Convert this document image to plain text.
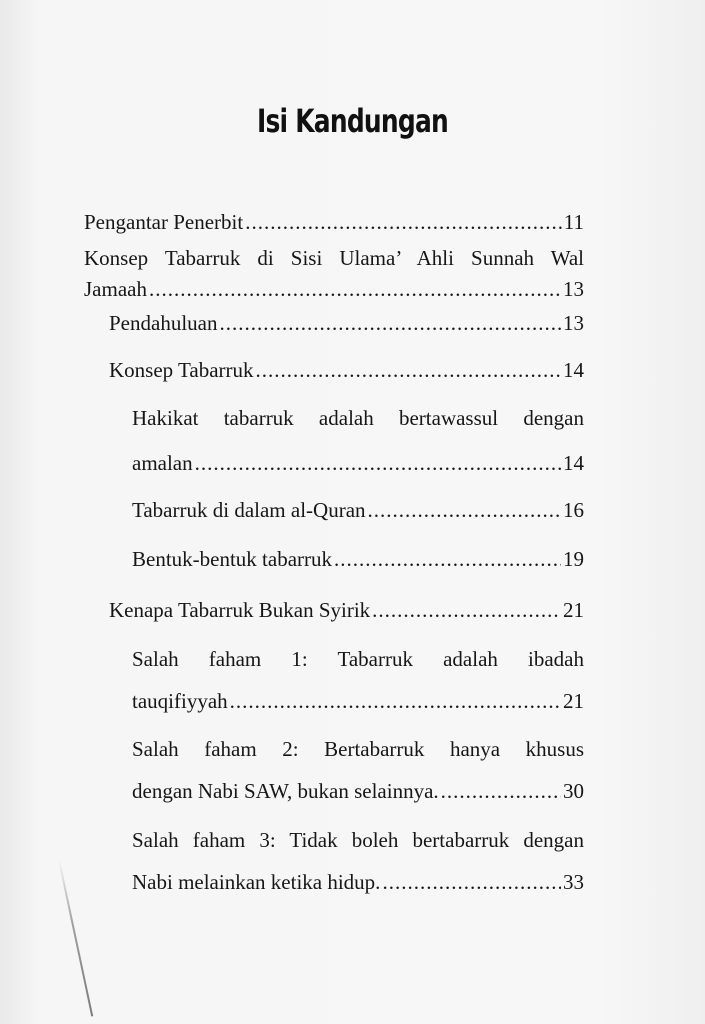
Isi Kandungan
Pengantar Penerbit .....	11
Konsep Tabarruk di Sisi Ulama’ Ahli Sunnah Wal
Jamaah .....	13
Pendahuluan .....	13
Konsep Tabarruk .....	14
Hakikat tabarruk adalah bertawassul dengan
amalan .....	14
Tabarruk di dalam al-Quran .....	16
Bentuk-bentuk tabarruk .....	19
Kenapa Tabarruk Bukan Syirik .....	21
Salah faham 1: Tabarruk adalah ibadah
tauqifiyyah .....	21
Salah faham 2: Bertabarruk hanya khusus
dengan Nabi SAW, bukan selainnya. .....	30
Salah faham 3: Tidak boleh bertabarruk dengan
Nabi melainkan ketika hidup. .....	33
